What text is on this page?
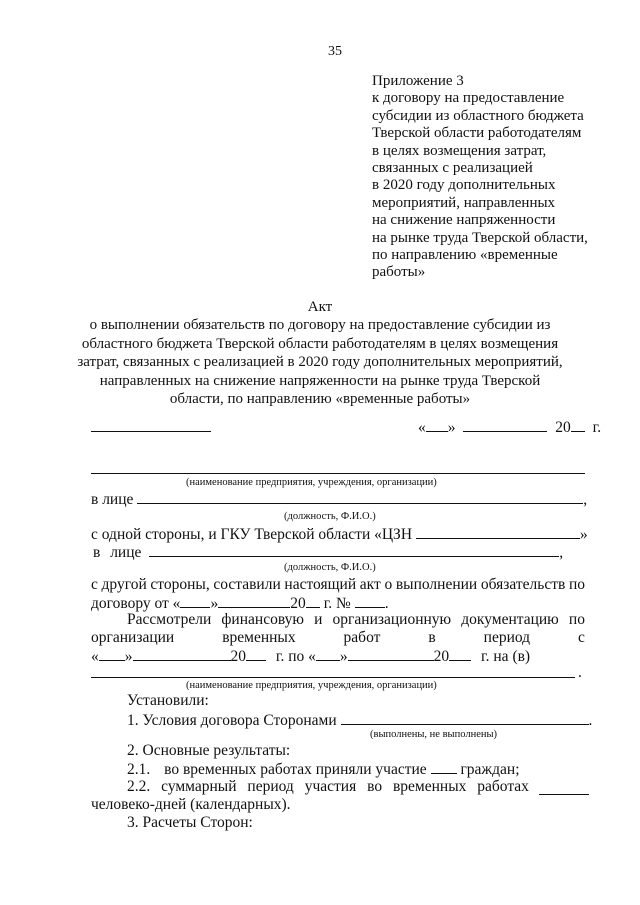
35
Приложение 3
к договору на предоставление
субсидии из областного бюджета
Тверской области работодателям
в целях возмещения затрат,
связанных с реализацией
в 2020 году дополнительных
мероприятий, направленных
на снижение напряженности
на рынке труда Тверской области,
по направлению «временные
работы»
Акт
о выполнении обязательств по договору на предоставление субсидии из
областного бюджета Тверской области работодателям в целях возмещения
затрат, связанных с реализацией в 2020 году дополнительных мероприятий,
направленных на снижение напряженности на рынке труда Тверской
области, по направлению «временные работы»
« »	20 г.
(наименование предприятия, учреждения, организации)
в лице	,
(должность, Ф.И.О.)
с одной стороны, и ГКУ Тверской области «ЦЗН	»
в лице	,
(должность, Ф.И.О.)
с другой стороны, составили настоящий акт о выполнении обязательств по
договору от « »	20 г. № .
Рассмотрели финансовую и организационную документацию по
организации	временных	работ	в	период	с
« »	20 г. по « »	20 г. на (в)
.
(наименование предприятия, учреждения, организации)
Установили:
1. Условия договора Сторонами	.
(выполнены, не выполнены)
2. Основные результаты:
2.1. во временных работах приняли участие граждан;
2.2. суммарный период участия во временных работах
человеко-дней (календарных).
3. Расчеты Сторон:
